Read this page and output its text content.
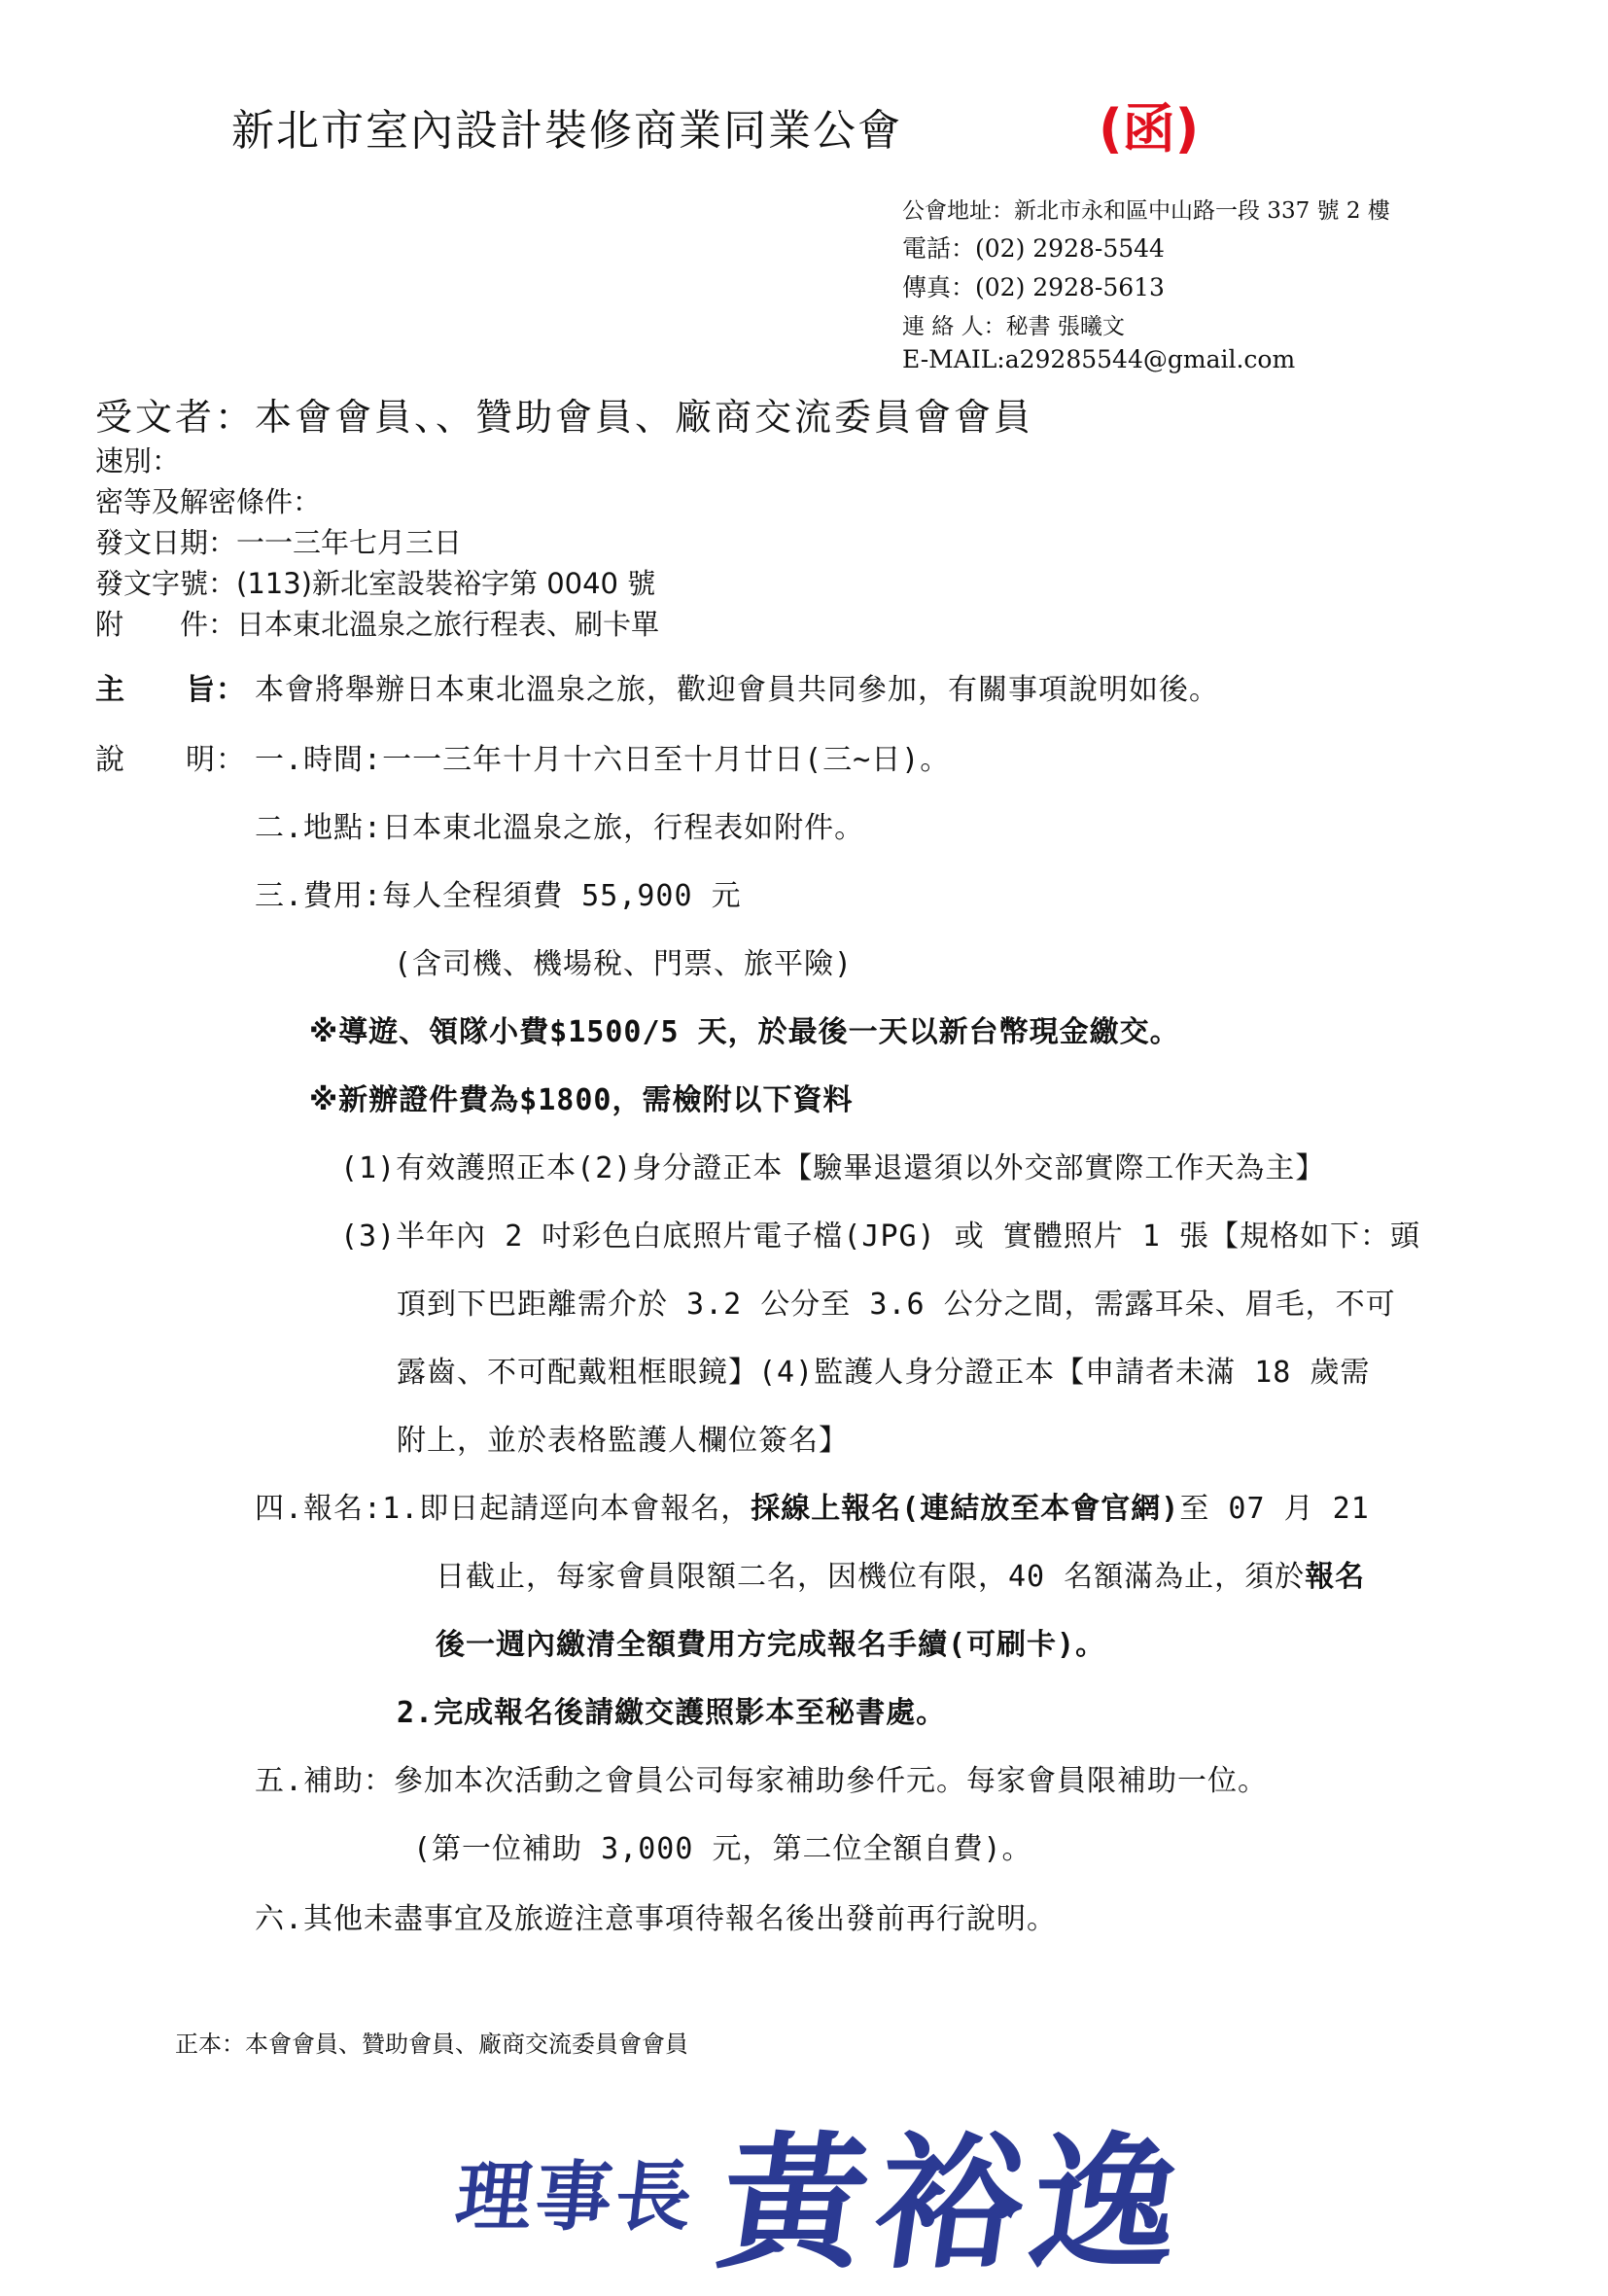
新北市室內設計裝修商業同業公會	(函)
公會地址：新北市永和區中山路一段 337 號 2 樓
電話：(02) 2928-5544
傳真：(02) 2928-5613
連 絡 人：秘書 張曦文
E-MAIL:a29285544@gmail.com
受文者：本會會員、、贊助會員、廠商交流委員會會員
速別：
密等及解密條件：
發文日期：一一三年七月三日
發文字號：(113)新北室設裝裕字第 0040 號
附　　件：日本東北溫泉之旅行程表、刷卡單
主　　旨： 本會將舉辦日本東北溫泉之旅，歡迎會員共同參加，有關事項說明如後。
說　　明： 一.時間:一一三年十月十六日至十月廿日(三~日)。
二.地點:日本東北溫泉之旅，行程表如附件。
三.費用:每人全程須費 55,900 元
(含司機、機場稅、門票、旅平險)
※導遊、領隊小費$1500/5 天，於最後一天以新台幣現金繳交。
※新辦證件費為$1800，需檢附以下資料
(1)有效護照正本(2)身分證正本【驗畢退還須以外交部實際工作天為主】
(3)半年內 2 吋彩色白底照片電子檔(JPG) 或 實體照片 1 張【規格如下：頭
頂到下巴距離需介於 3.2 公分至 3.6 公分之間，需露耳朵、眉毛，不可
露齒、不可配戴粗框眼鏡】(4)監護人身分證正本【申請者未滿 18 歲需
附上，並於表格監護人欄位簽名】
四.報名:1.即日起請逕向本會報名，採線上報名(連結放至本會官網)至 07 月 21
日截止，每家會員限額二名，因機位有限，40 名額滿為止，須於報名
後一週內繳清全額費用方完成報名手續(可刷卡)。
2.完成報名後請繳交護照影本至秘書處。
五.補助：參加本次活動之會員公司每家補助參仟元。每家會員限補助一位。
(第一位補助 3,000 元，第二位全額自費)。
六.其他未盡事宜及旅遊注意事項待報名後出發前再行說明。
正本：本會會員、贊助會員、廠商交流委員會會員
理事長黃裕逸
